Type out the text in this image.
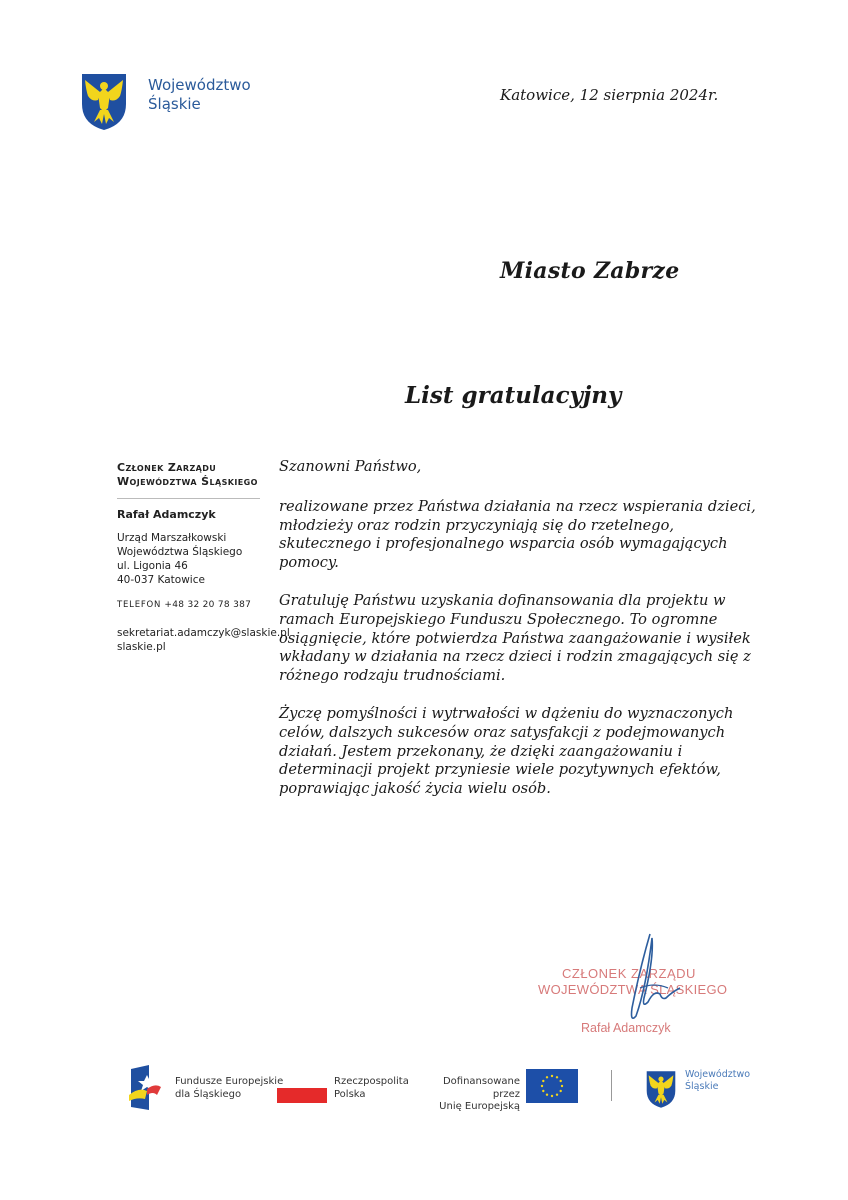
Województwo
Śląskie	Katowice, 12 sierpnia 2024r.
Miasto Zabrze
List gratulacyjny
Członek Zarządu
Województwa Śląskiego
Rafał Adamczyk
Urząd Marszałkowski
Województwa Śląskiego
ul. Ligonia 46
40-037 Katowice
TELEFON +48 32 20 78 387
sekretariat.adamczyk@slaskie.pl
slaskie.pl

Szanowni Państwo,

realizowane przez Państwa działania na rzecz wspierania dzieci, młodzieży oraz rodzin przyczyniają się do rzetelnego, skutecznego i profesjonalnego wsparcia osób wymagających pomocy.

Gratuluję Państwu uzyskania dofinansowania dla projektu w ramach Europejskiego Funduszu Społecznego. To ogromne osiągnięcie, które potwierdza Państwa zaangażowanie i wysiłek wkładany w działania na rzecz dzieci i rodzin zmagających się z różnego rodzaju trudnościami.

Życzę pomyślności i wytrwałości w dążeniu do wyznaczonych celów, dalszych sukcesów oraz satysfakcji z podejmowanych działań. Jestem przekonany, że dzięki zaangażowaniu i determinacji projekt przyniesie wiele pozytywnych efektów, poprawiając jakość życia wielu osób.

CZŁONEK ZARZĄDU
WOJEWÓDZTWA ŚLĄSKIEGO
Rafał Adamczyk
Fundusze Europejskie
dla Śląskiego
Rzeczpospolita
Polska
Dofinansowane przez
Unię Europejską
Województwo
Śląskie
